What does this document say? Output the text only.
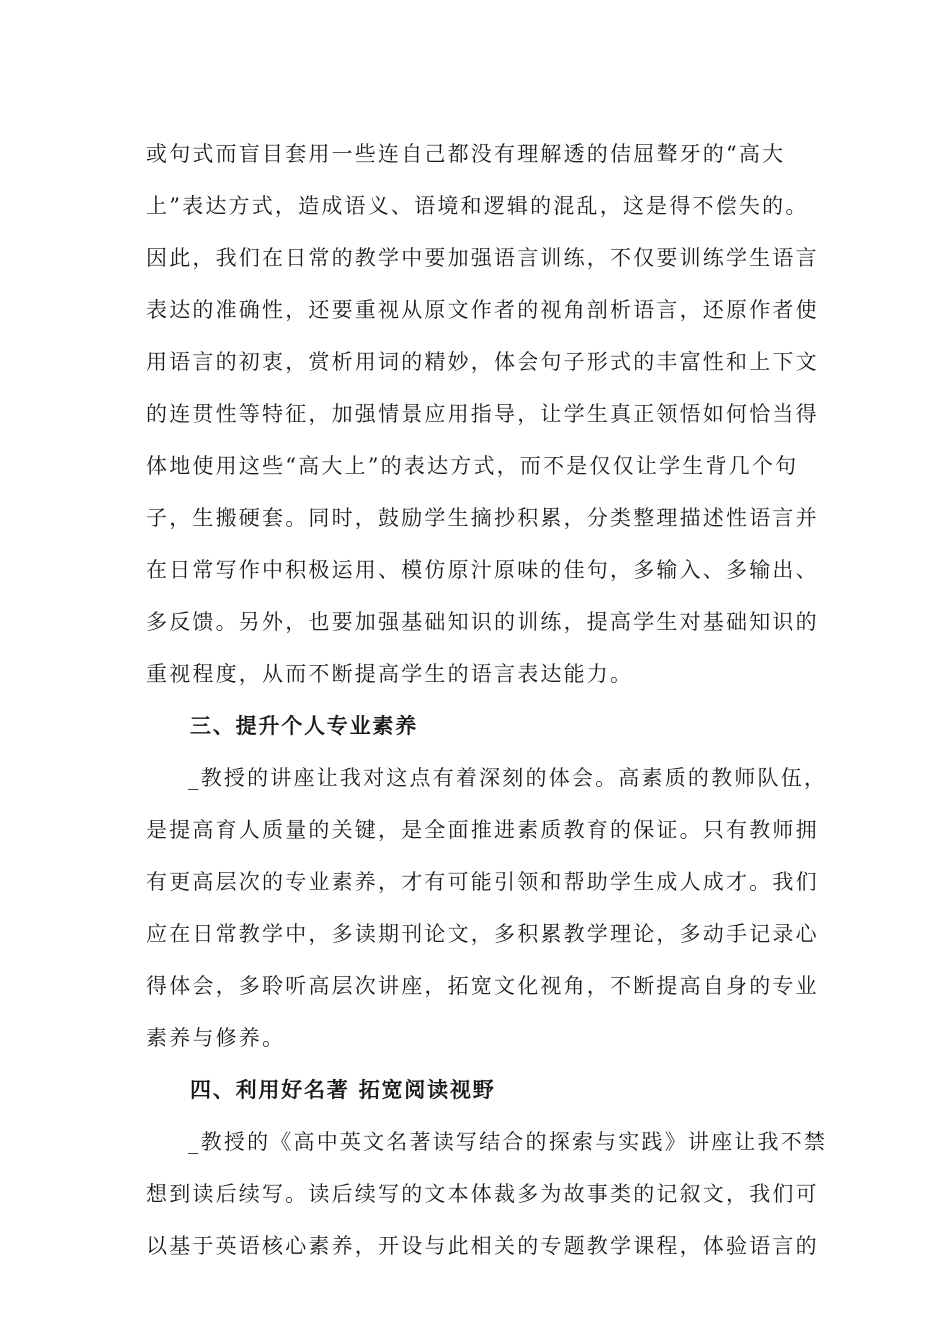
或句式而盲目套用一些连自己都没有理解透的佶屈聱牙的“高大
上”表达方式，造成语义、语境和逻辑的混乱，这是得不偿失的。
因此，我们在日常的教学中要加强语言训练，不仅要训练学生语言
表达的准确性，还要重视从原文作者的视角剖析语言，还原作者使
用语言的初衷，赏析用词的精妙，体会句子形式的丰富性和上下文
的连贯性等特征，加强情景应用指导，让学生真正领悟如何恰当得
体地使用这些“高大上”的表达方式，而不是仅仅让学生背几个句
子，生搬硬套。同时，鼓励学生摘抄积累，分类整理描述性语言并
在日常写作中积极运用、模仿原汁原味的佳句，多输入、多输出、
多反馈。另外，也要加强基础知识的训练，提高学生对基础知识的
重视程度，从而不断提高学生的语言表达能力。
三、提升个人专业素养
_教授的讲座让我对这点有着深刻的体会。高素质的教师队伍，
是提高育人质量的关键，是全面推进素质教育的保证。只有教师拥
有更高层次的专业素养，才有可能引领和帮助学生成人成才。我们
应在日常教学中，多读期刊论文，多积累教学理论，多动手记录心
得体会，多聆听高层次讲座，拓宽文化视角，不断提高自身的专业
素养与修养。
四、利用好名著 拓宽阅读视野
_教授的《高中英文名著读写结合的探索与实践》讲座让我不禁
想到读后续写。读后续写的文本体裁多为故事类的记叙文，我们可
以基于英语核心素养，开设与此相关的专题教学课程，体验语言的
